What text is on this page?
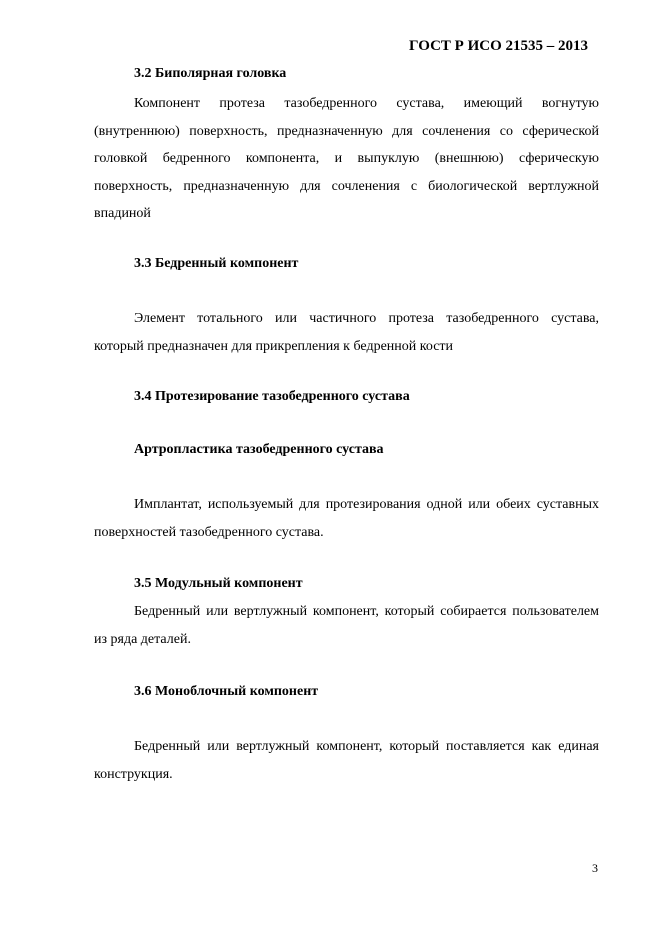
ГОСТ Р ИСО 21535 – 2013
3.2 Биполярная головка
Компонент протеза тазобедренного сустава, имеющий вогнутую (внутреннюю) поверхность, предназначенную для сочленения со сферической головкой бедренного компонента, и выпуклую (внешнюю) сферическую поверхность, предназначенную для сочленения с биологической вертлужной впадиной
3.3 Бедренный компонент
Элемент тотального или частичного протеза тазобедренного сустава, который предназначен для прикрепления к бедренной кости
3.4 Протезирование тазобедренного сустава
Артропластика тазобедренного сустава
Имплантат, используемый для протезирования одной или обеих суставных поверхностей тазобедренного сустава.
3.5 Модульный компонент
Бедренный или вертлужный компонент, который собирается пользователем из ряда деталей.
3.6 Моноблочный компонент
Бедренный или вертлужный компонент, который поставляется как единая конструкция.
3
